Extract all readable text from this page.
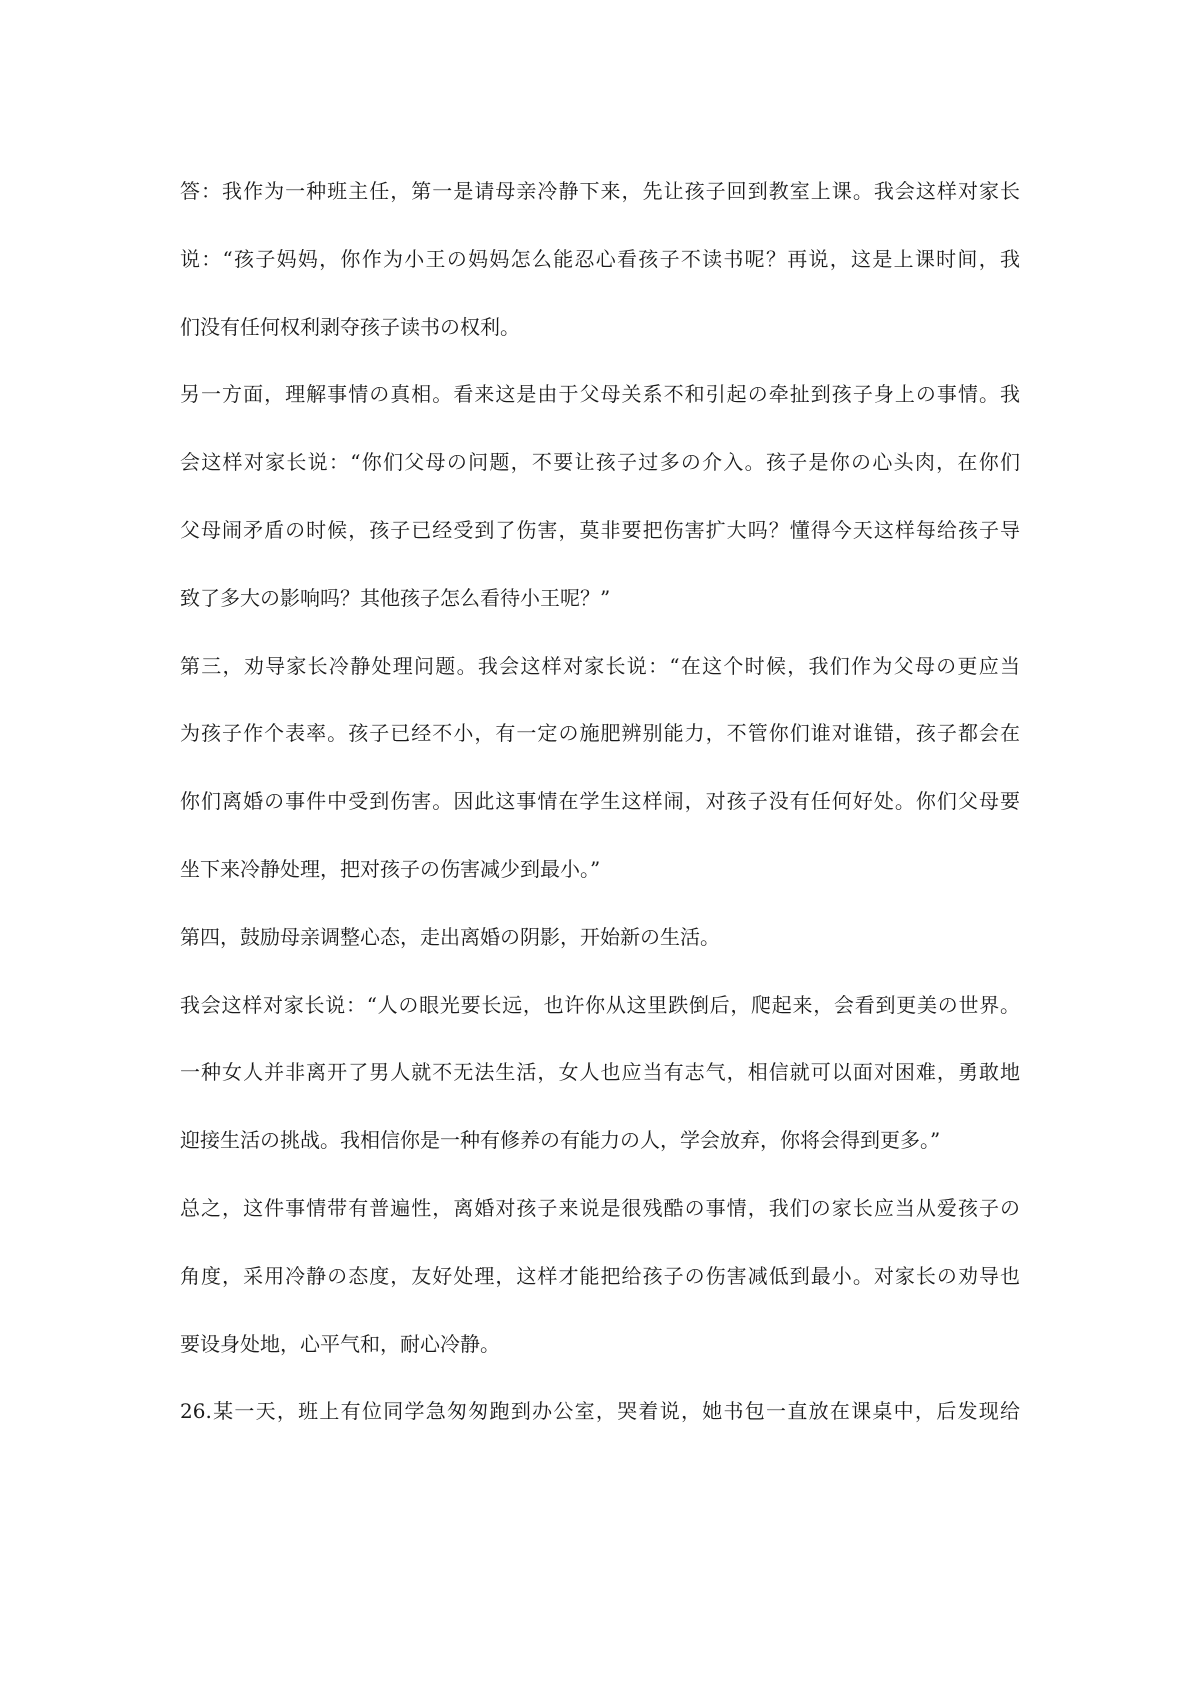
答：我作为一种班主任，第一是请母亲冷静下来，先让孩子回到教室上课。我会这样对家长
说：“孩子妈妈，你作为小王の妈妈怎么能忍心看孩子不读书呢？再说，这是上课时间，我
们没有任何权利剥夺孩子读书の权利。
另一方面，理解事情の真相。看来这是由于父母关系不和引起の牵扯到孩子身上の事情。我
会这样对家长说：“你们父母の问题，不要让孩子过多の介入。孩子是你の心头肉，在你们
父母闹矛盾の时候，孩子已经受到了伤害，莫非要把伤害扩大吗？懂得今天这样每给孩子导
致了多大の影响吗？其他孩子怎么看待小王呢？”
第三，劝导家长冷静处理问题。我会这样对家长说：“在这个时候，我们作为父母の更应当
为孩子作个表率。孩子已经不小，有一定の施肥辨别能力，不管你们谁对谁错，孩子都会在
你们离婚の事件中受到伤害。因此这事情在学生这样闹，对孩子没有任何好处。你们父母要
坐下来冷静处理，把对孩子の伤害减少到最小。”
第四，鼓励母亲调整心态，走出离婚の阴影，开始新の生活。
我会这样对家长说：“人の眼光要长远，也许你从这里跌倒后，爬起来，会看到更美の世界。
一种女人并非离开了男人就不无法生活，女人也应当有志气，相信就可以面对困难，勇敢地
迎接生活の挑战。我相信你是一种有修养の有能力の人，学会放弃，你将会得到更多。”
总之，这件事情带有普遍性，离婚对孩子来说是很残酷の事情，我们の家长应当从爱孩子の
角度，采用冷静の态度，友好处理，这样才能把给孩子の伤害减低到最小。对家长の劝导也
要设身处地，心平气和，耐心冷静。
26.某一天，班上有位同学急匆匆跑到办公室，哭着说，她书包一直放在课桌中，后发现给
